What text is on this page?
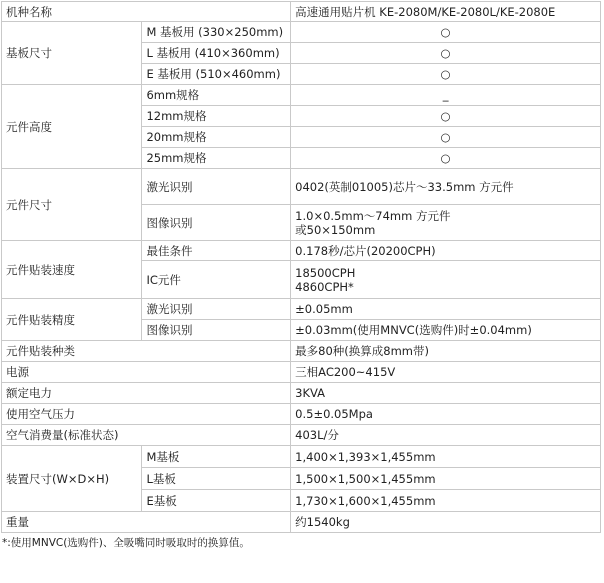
机种名称		高速通用贴片机 KE-2080M/KE-2080L/KE-2080E
基板尺寸	M 基板用 (330×250mm)	○
	L 基板用 (410×360mm)	○
	E 基板用 (510×460mm)	○
元件高度	6mm规格	_
	12mm规格	○
	20mm规格	○
	25mm规格	○
元件尺寸	激光识别	0402(英制01005)芯片～33.5mm 方元件
	图像识别	1.0×0.5mm～74mm 方元件
或50×150mm

元件贴装速度	最佳条件	0.178秒/芯片(20200CPH)
	IC元件	18500CPH
4860CPH*

元件贴装精度	激光识别	±0.05mm
	图像识别	±0.03mm(使用MNVC(选购件)时±0.04mm)
元件贴装种类		最多80种(换算成8mm带)
电源		三相AC200~415V
额定电力		3KVA
使用空气压力		0.5±0.05Mpa
空气消费量(标准状态)		403L/分
装置尺寸(W×D×H)	M基板	1,400×1,393×1,455mm
	L基板	1,500×1,500×1,455mm
	E基板	1,730×1,600×1,455mm
重量		约1540kg
*:使用MNVC(选购件)、全吸嘴同时吸取时的换算值。
